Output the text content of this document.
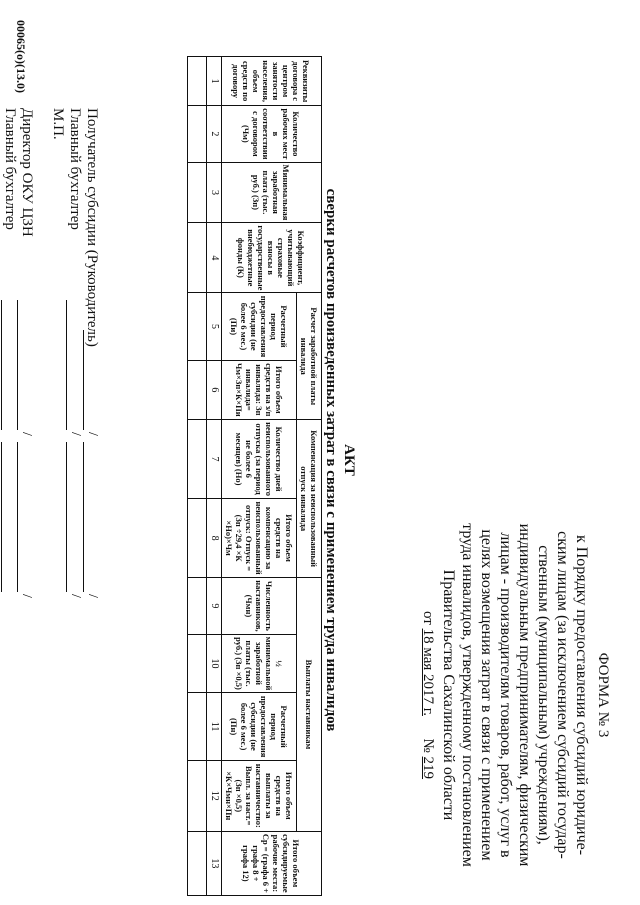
ФОРМА № 3
к Порядку предоставления субсидий юридиче-
ским лицам (за исключением субсидий государ-
ственным (муниципальным) учреждениям),
индивидуальным предпринимателям, физическим
лицам - производителям товаров, работ, услуг в
целях возмещения затрат в связи с применением
труда инвалидов, утвержденному постановлением
Правительства Сахалинской области
от 18 мая 2017 г.      № 219
АКТ
сверки расчетов произведенных затрат в связи с применением труда инвалидов
Реквизиты договора с центром занятости населения, объем средств по договору	Количество рабочих мест в соответствии с договором (Чм)	Минимальная заработная плата (тыс. руб.) (Зп)	Коэффициент, учитывающий страховые взносы в государственные внебюджетные фонды (К)	Расчет заработной платы инвалида		Компенсация за неиспользованный отпуск инвалида		Выплаты наставникам				Итого объем субсидируемые рабочие места: Ср = (графа 6 + графа 8 + графа 12)
				Расчетный период предоставления субсидии (не более 6 мес.) (Пи)	Итого объем средств на з/п инвалида: Зп инвалида= Чм×Зп×К×Пи	Количество дней неиспользованного отпуска (за период не более 6 месяцев) (Но)	Итого объем средств на компенсацию за неиспользованный отпуск: Отпуск = (Зп ÷29,4 ×К ×Но)×Чм	Численность наставников, (Чмн)	½ минимальной заработной платы (тыс. руб.) (Зп ×0,5)	Расчетный период предоставления субсидии (не более 6 мес.) (Пн)	Итого объем средств на выплаты за наставничество: Выпл. за наст.= (Зп ×0,5) ×К×Чмн×Пн	
1	2	3	4	5	6	7	8	9	10	11	12	13

Получатель субсидии (Руководитель)
Главный бухгалтер
М.П.
Директор ОКУ ЦЗН
Главный бухгалтер
/
/
/
/
/
/
00065(о)(13.0)
